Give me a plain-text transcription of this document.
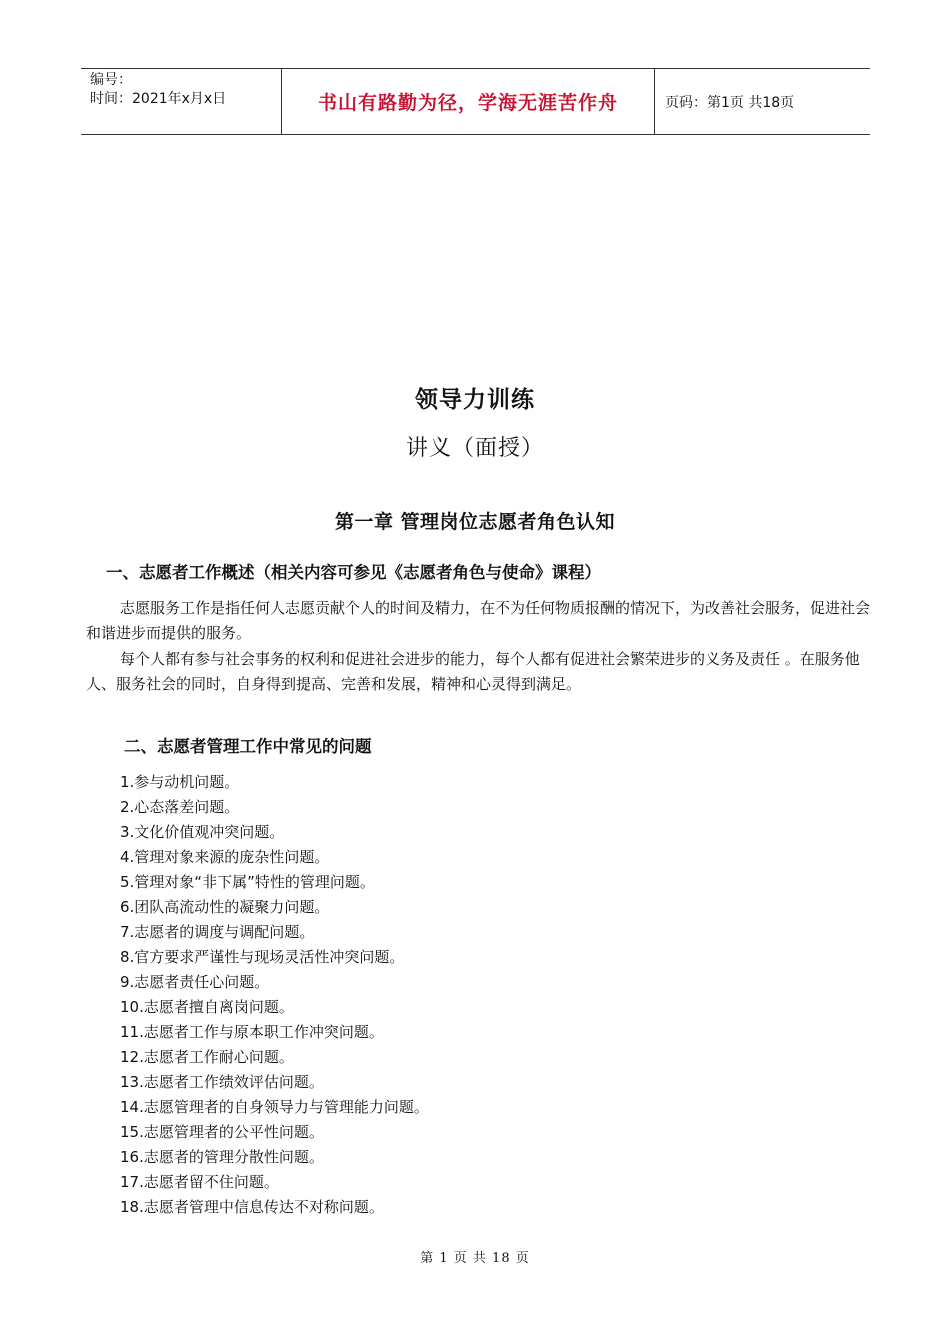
编号：
时间：2021年x月x日	书山有路勤为径，学海无涯苦作舟	页码：第1页 共18页
领导力训练
讲义（面授）
第一章 管理岗位志愿者角色认知
一、志愿者工作概述（相关内容可参见《志愿者角色与使命》课程）
志愿服务工作是指任何人志愿贡献个人的时间及精力，在不为任何物质报酬的情况下，为改善社会服务，促进社会和谐进步而提供的服务。
每个人都有参与社会事务的权利和促进社会进步的能力，每个人都有促进社会繁荣进步的义务及责任 。在服务他人、服务社会的同时，自身得到提高、完善和发展，精神和心灵得到满足。
二、志愿者管理工作中常见的问题
1.参与动机问题。
2.心态落差问题。
3.文化价值观冲突问题。
4.管理对象来源的庞杂性问题。
5.管理对象“非下属”特性的管理问题。
6.团队高流动性的凝聚力问题。
7.志愿者的调度与调配问题。
8.官方要求严谨性与现场灵活性冲突问题。
9.志愿者责任心问题。
10.志愿者擅自离岗问题。
11.志愿者工作与原本职工作冲突问题。
12.志愿者工作耐心问题。
13.志愿者工作绩效评估问题。
14.志愿管理者的自身领导力与管理能力问题。
15.志愿管理者的公平性问题。
16.志愿者的管理分散性问题。
17.志愿者留不住问题。
18.志愿者管理中信息传达不对称问题。
第 1 页 共 18 页
